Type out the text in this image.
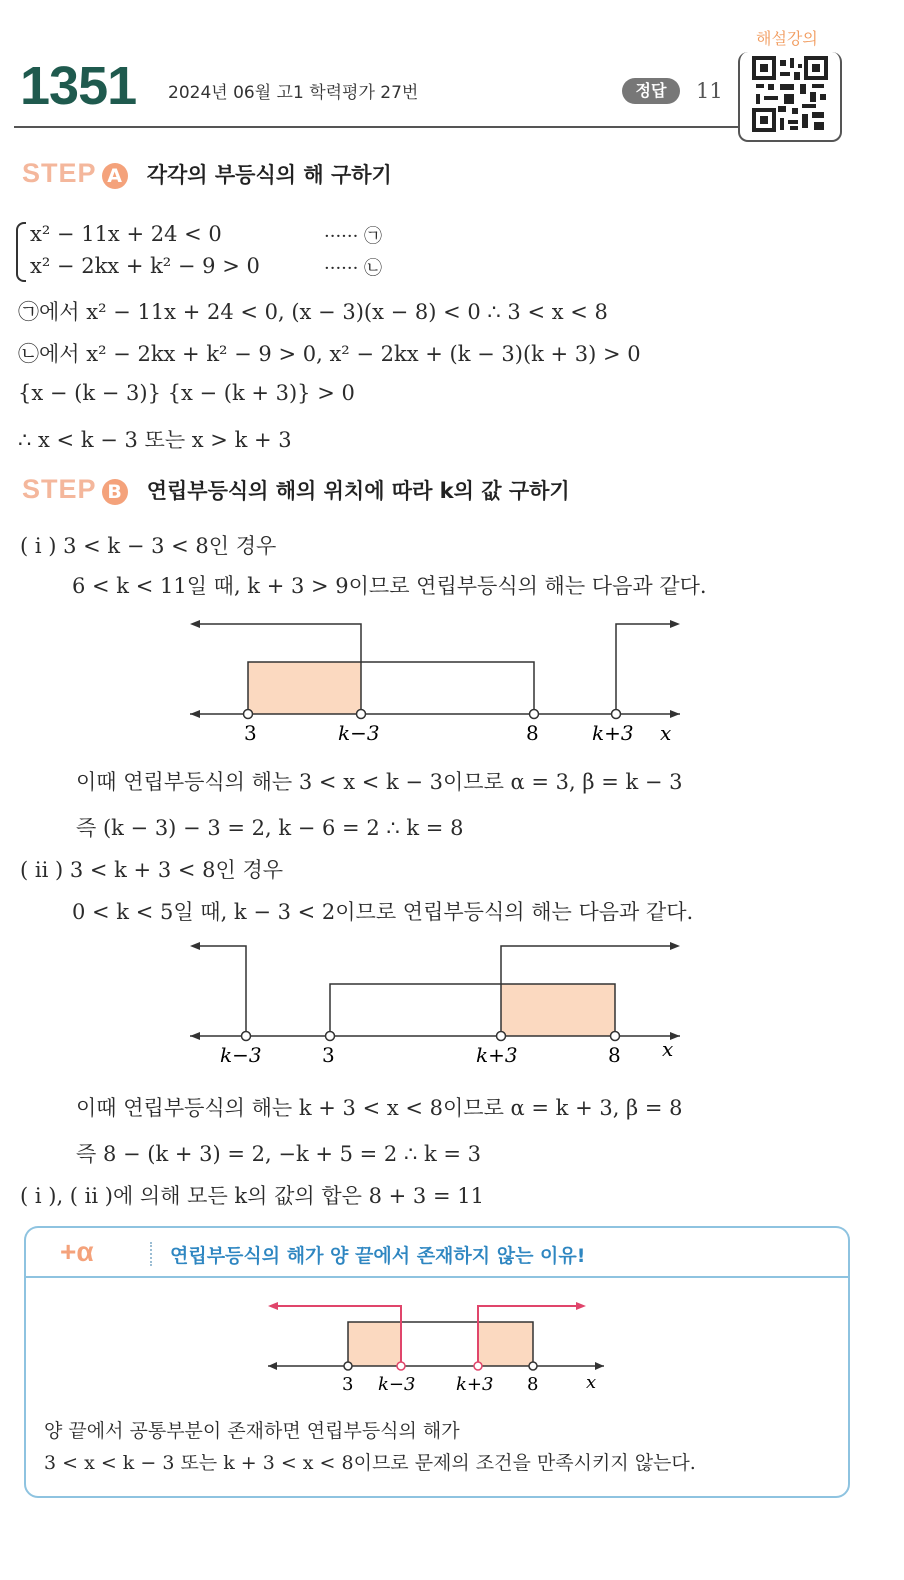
1351 2024년 06월 고1 학력평가 27번	정답	11
해설강의
STEP A 각각의 부등식의 해 구하기
x² − 11x + 24 < 0	······ ㉠
x² − 2kx + k² − 9 > 0	······ ㉡
㉠에서 x² − 11x + 24 < 0, (x − 3)(x − 8) < 0 ∴ 3 < x < 8
㉡에서 x² − 2kx + k² − 9 > 0, x² − 2kx + (k − 3)(k + 3) > 0
{x − (k − 3)} {x − (k + 3)} > 0
∴ x < k − 3 또는 x > k + 3
STEP B 연립부등식의 해의 위치에 따라 k의 값 구하기
( i ) 3 < k − 3 < 8인 경우
6 < k < 11일 때, k + 3 > 9이므로 연립부등식의 해는 다음과 같다.
3	k−3	8	k+3 x
이때 연립부등식의 해는 3 < x < k − 3이므로 α = 3, β = k − 3
즉 (k − 3) − 3 = 2, k − 6 = 2 ∴ k = 8
( ii ) 3 < k + 3 < 8인 경우
0 < k < 5일 때, k − 3 < 2이므로 연립부등식의 해는 다음과 같다.
k−3	3	k+3	8 x
이때 연립부등식의 해는 k + 3 < x < 8이므로 α = k + 3, β = 8
즉 8 − (k + 3) = 2, −k + 5 = 2 ∴ k = 3
( i ), ( ii )에 의해 모든 k의 값의 합은 8 + 3 = 11
+α	연립부등식의 해가 양 끝에서 존재하지 않는 이유!
3 k−3 k+3 8	x
양 끝에서 공통부분이 존재하면 연립부등식의 해가
3 < x < k − 3 또는 k + 3 < x < 8이므로 문제의 조건을 만족시키지 않는다.
